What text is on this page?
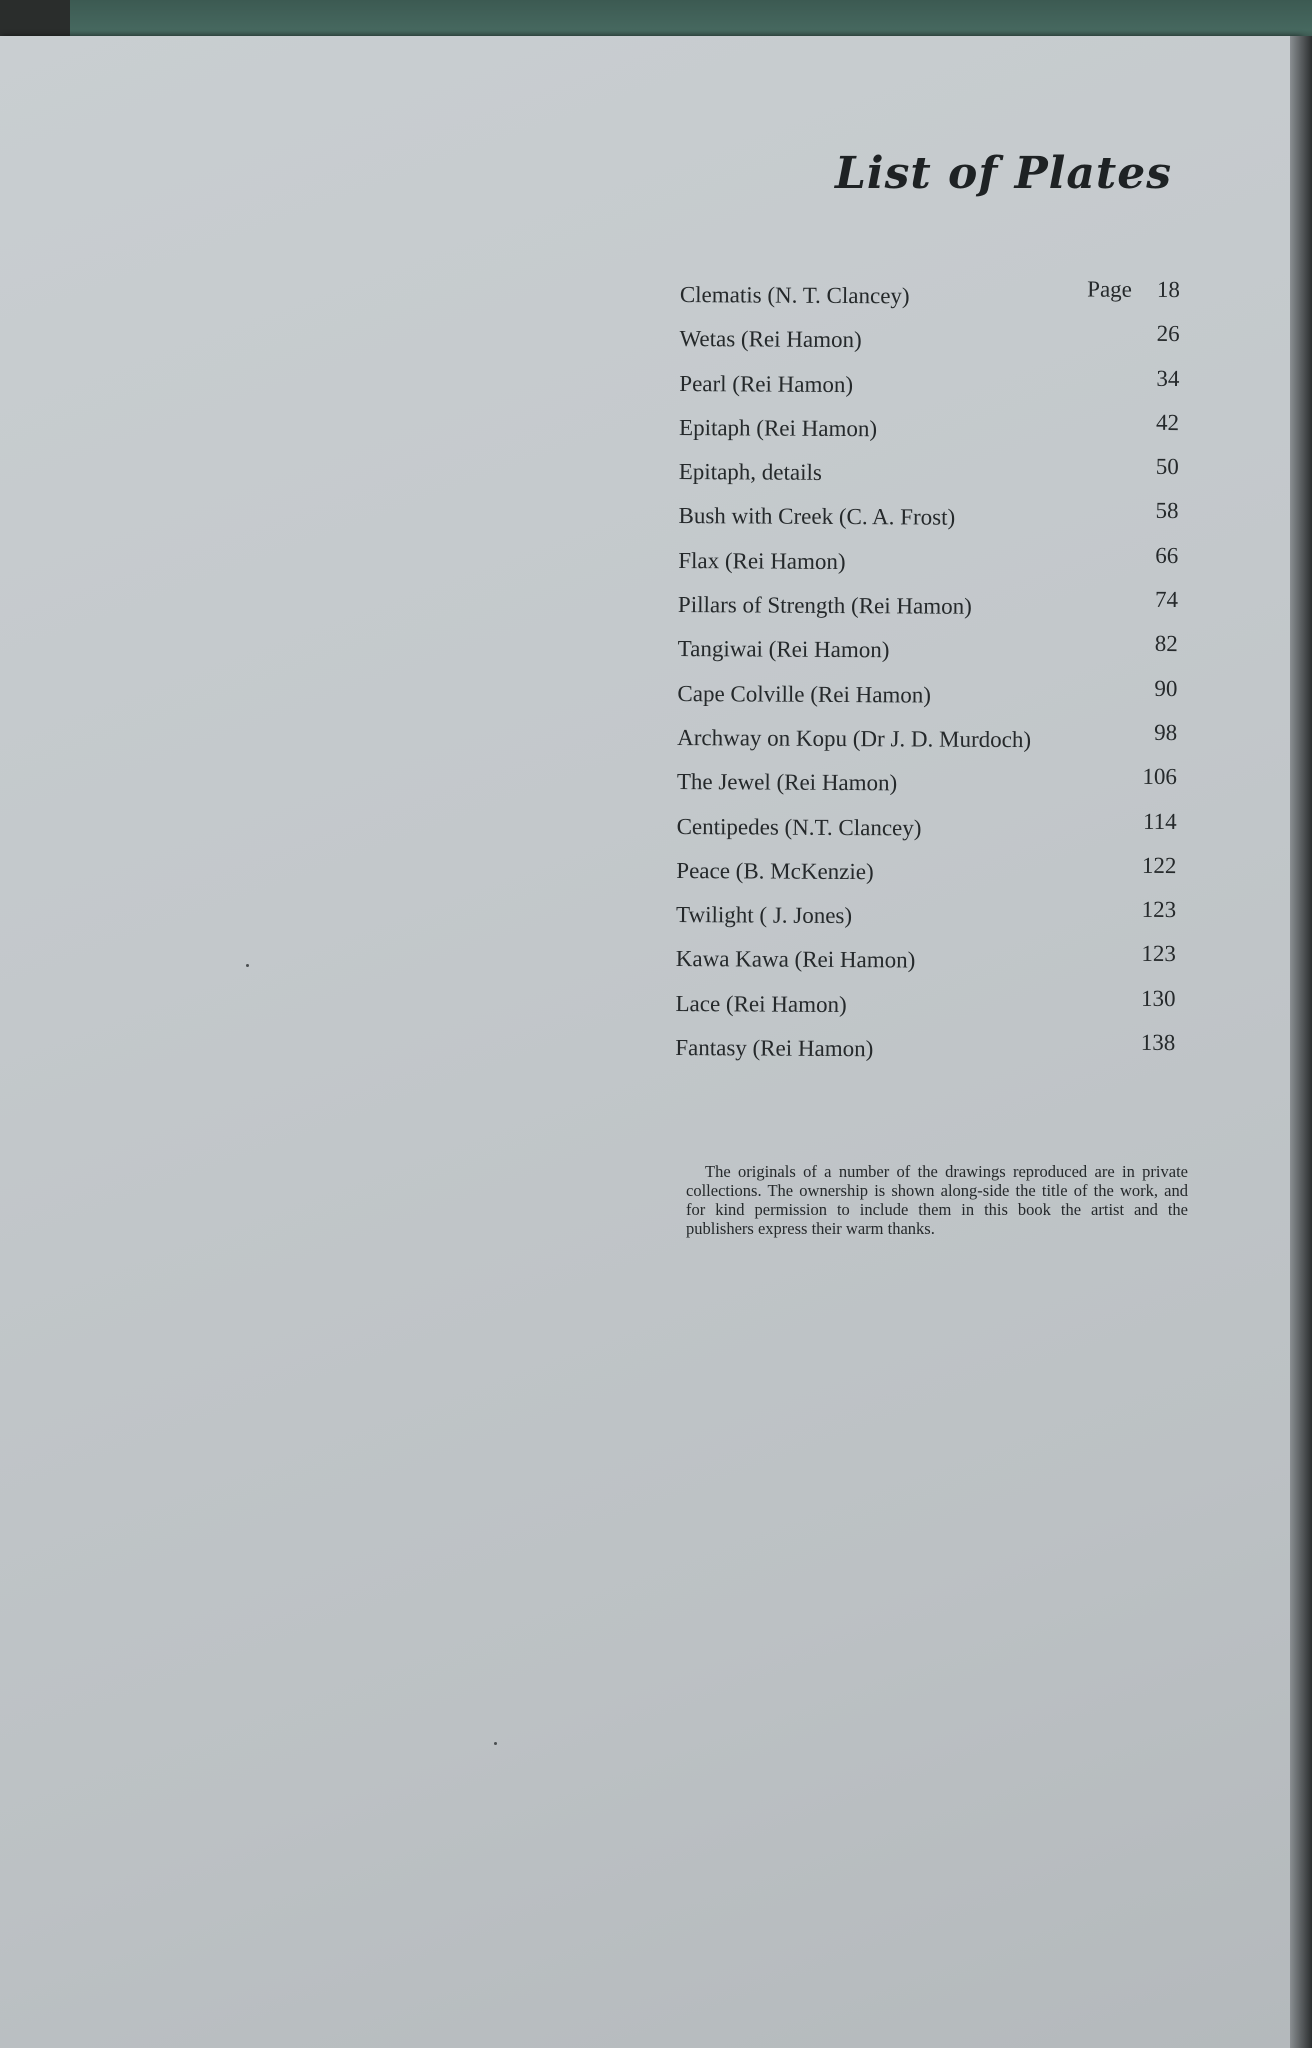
List of Plates
Page
Clematis (N. T. Clancey)	18
Wetas (Rei Hamon)	26
Pearl (Rei Hamon)	34
Epitaph (Rei Hamon)	42
Epitaph, details	50
Bush with Creek (C. A. Frost)	58
Flax (Rei Hamon)	66
Pillars of Strength (Rei Hamon)	74
Tangiwai (Rei Hamon)	82
Cape Colville (Rei Hamon)	90
Archway on Kopu (Dr J. D. Murdoch)	98
The Jewel (Rei Hamon)	106
Centipedes (N.T. Clancey)	114
Peace (B. McKenzie)	122
Twilight ( J. Jones)	123
Kawa Kawa (Rei Hamon)	123
Lace (Rei Hamon)	130
Fantasy (Rei Hamon)	138

The originals of a number of the drawings reproduced are in private collections. The ownership is shown along-side the title of the work, and for kind permission to include them in this book the artist and the publishers express their warm thanks.
